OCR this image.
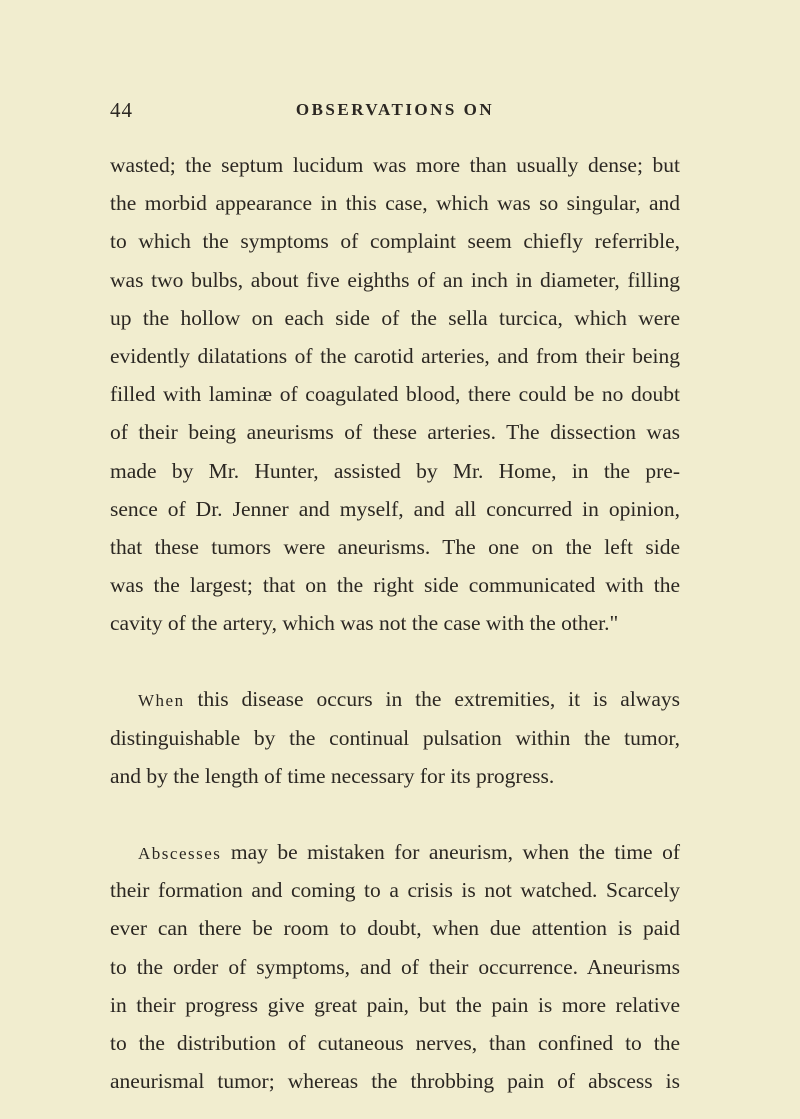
44	OBSERVATIONS ON
wasted; the septum lucidum was more than usually dense; but
the morbid appearance in this case, which was so singular, and
to which the symptoms of complaint seem chiefly referrible,
was two bulbs, about five eighths of an inch in diameter, filling
up the hollow on each side of the sella turcica, which were
evidently dilatations of the carotid arteries, and from their being
filled with laminæ of coagulated blood, there could be no doubt
of their being aneurisms of these arteries. The dissection was
made by Mr. Hunter, assisted by Mr. Home, in the pre-
sence of Dr. Jenner and myself, and all concurred in opinion,
that these tumors were aneurisms. The one on the left side
was the largest; that on the right side communicated with the
cavity of the artery, which was not the case with the other."
When this disease occurs in the extremities, it is always
distinguishable by the continual pulsation within the tumor,
and by the length of time necessary for its progress.
Abscesses may be mistaken for aneurism, when the time of
their formation and coming to a crisis is not watched. Scarcely
ever can there be room to doubt, when due attention is paid
to the order of symptoms, and of their occurrence. Aneurisms
in their progress give great pain, but the pain is more relative
to the distribution of cutaneous nerves, than confined to the
aneurismal tumor; whereas the throbbing pain of abscess is
